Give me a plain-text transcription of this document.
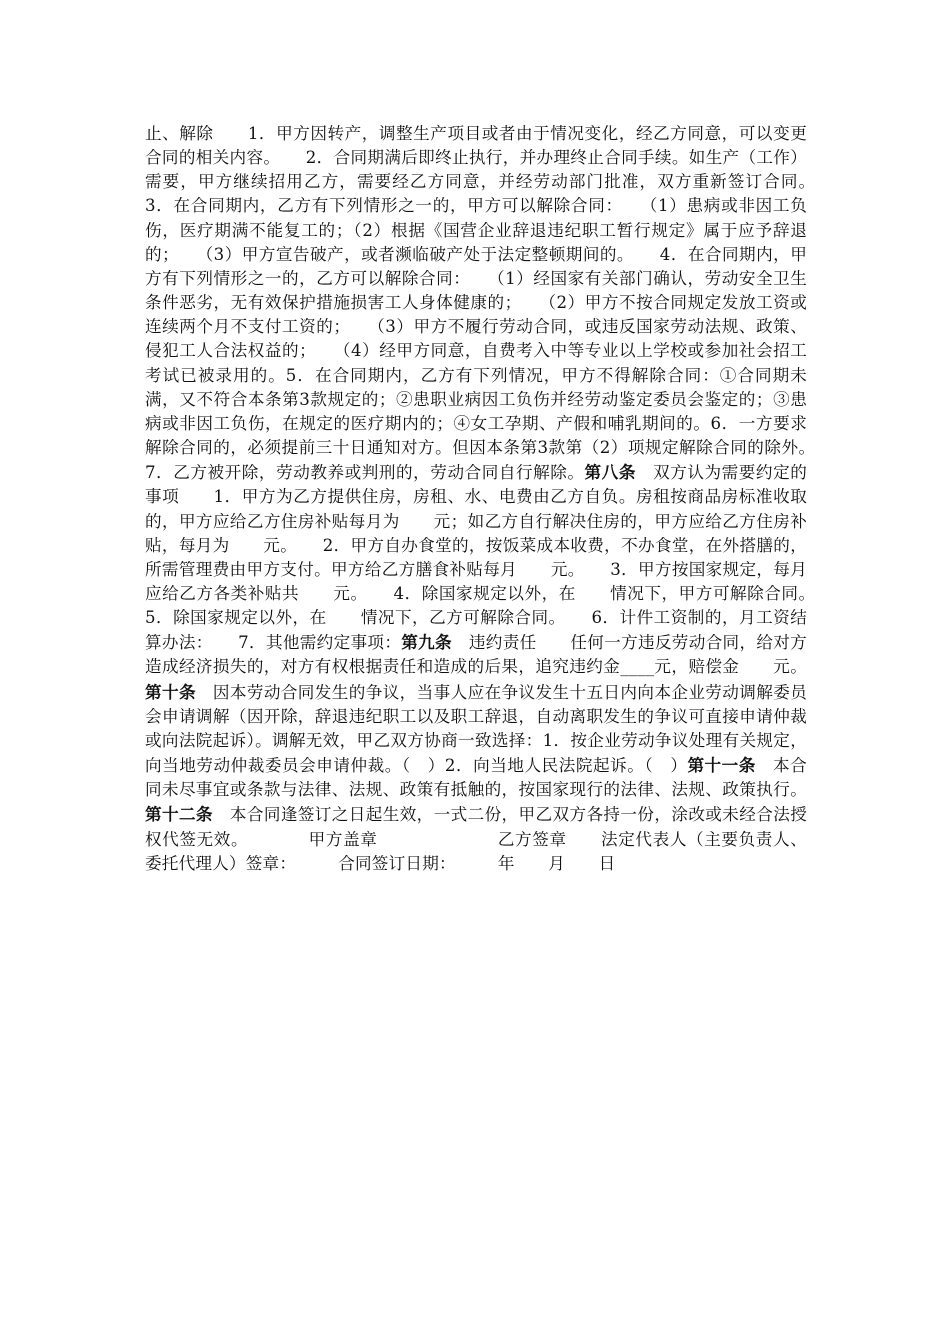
止、解除　　1．甲方因转产，调整生产项目或者由于情况变化，经乙方同意，可以变更合同的相关内容。　　2．合同期满后即终止执行，并办理终止合同手续。如生产（工作）需要，甲方继续招用乙方，需要经乙方同意，并经劳动部门批准，双方重新签订合同。　　3．在合同期内，乙方有下列情形之一的，甲方可以解除合同：　　（1）患病或非因工负伤，医疗期满不能复工的；（2）根据《国营企业辞退违纪职工暂行规定》属于应予辞退的；　　（3）甲方宣告破产，或者濒临破产处于法定整顿期间的。　　4．在合同期内，甲方有下列情形之一的，乙方可以解除合同：　　（1）经国家有关部门确认，劳动安全卫生条件恶劣，无有效保护措施损害工人身体健康的；　　（2）甲方不按合同规定发放工资或连续两个月不支付工资的；　　（3）甲方不履行劳动合同，或违反国家劳动法规、政策、侵犯工人合法权益的；　　（4）经甲方同意，自费考入中等专业以上学校或参加社会招工考试已被录用的。5．在合同期内，乙方有下列情况，甲方不得解除合同：①合同期未满，又不符合本条第3款规定的；②患职业病因工负伤并经劳动鉴定委员会鉴定的；③患病或非因工负伤，在规定的医疗期内的；④女工孕期、产假和哺乳期间的。6．一方要求解除合同的，必须提前三十日通知对方。但因本条第3款第（2）项规定解除合同的除外。　　7．乙方被开除，劳动教养或判刑的，劳动合同自行解除。第八条　双方认为需要约定的事项　　1．甲方为乙方提供住房，房租、水、电费由乙方自负。房租按商品房标准收取的，甲方应给乙方住房补贴每月为　　元；如乙方自行解决住房的，甲方应给乙方住房补贴，每月为　　元。　　2．甲方自办食堂的，按饭菜成本收费，不办食堂，在外搭膳的，所需管理费由甲方支付。甲方给乙方膳食补贴每月　　元。　　3．甲方按国家规定，每月应给乙方各类补贴共　　元。　　4．除国家规定以外，在　　情况下，甲方可解除合同。　　5．除国家规定以外，在　　情况下，乙方可解除合同。　　6．计件工资制的，月工资结算办法：　　7．其他需约定事项：第九条　违约责任　　任何一方违反劳动合同，给对方造成经济损失的，对方有权根据责任和造成的后果，追究违约金____元，赔偿金　　元。第十条　因本劳动合同发生的争议，当事人应在争议发生十五日内向本企业劳动调解委员会申请调解（因开除，辞退违纪职工以及职工辞退，自动离职发生的争议可直接申请仲裁或向法院起诉）。调解无效，甲乙双方协商一致选择：1．按企业劳动争议处理有关规定，向当地劳动仲裁委员会申请仲裁。（　）2．向当地人民法院起诉。（　）第十一条　本合同未尽事宜或条款与法律、法规、政策有抵触的，按国家现行的法律、法规、政策执行。第十二条　本合同逢签订之日起生效，一式二份，甲乙双方各持一份，涂改或未经合法授权代签无效。　　　　甲方盖章　　　　　　　乙方签章　　法定代表人（主要负责人、委托代理人）签章：　　　合同签订日期：　　　年　　月　　日
